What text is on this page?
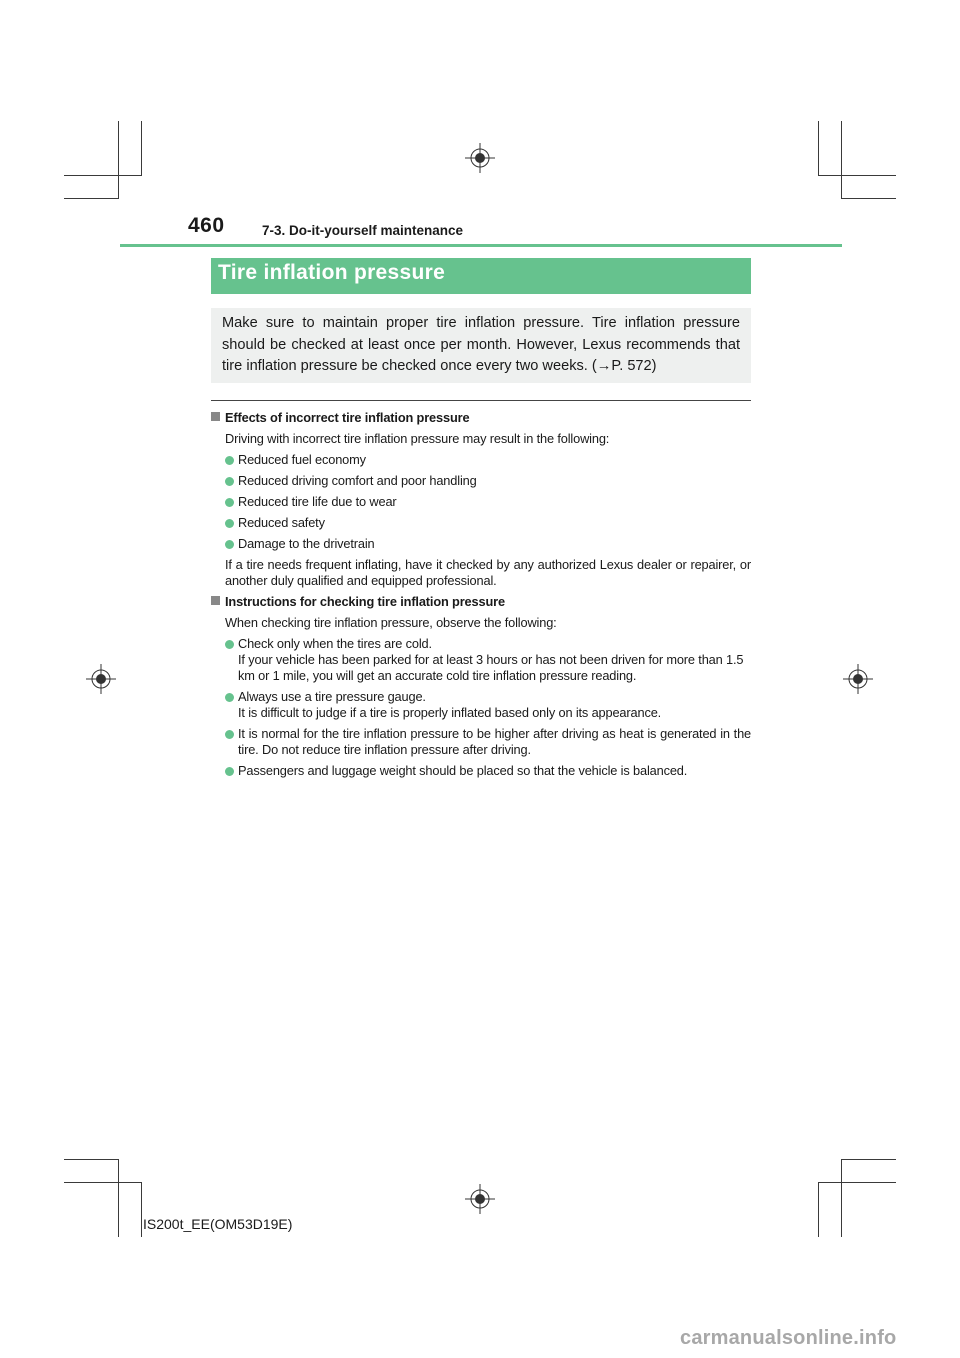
460	7-3. Do-it-yourself maintenance
Tire inflation pressure

Make sure to maintain proper tire inflation pressure. Tire inflation pressure should be checked at least once per month. However, Lexus recommends that tire inflation pressure be checked once every two weeks. (→P. 572)

Effects of incorrect tire inflation pressure

Driving with incorrect tire inflation pressure may result in the following:

Reduced fuel economy
Reduced driving comfort and poor handling
Reduced tire life due to wear
Reduced safety
Damage to the drivetrain

If a tire needs frequent inflating, have it checked by any authorized Lexus dealer or repairer, or another duly qualified and equipped professional.

Instructions for checking tire inflation pressure

When checking tire inflation pressure, observe the following:

Check only when the tires are cold.
If your vehicle has been parked for at least 3 hours or has not been driven for more than 1.5 km or 1 mile, you will get an accurate cold tire inflation pressure reading.
Always use a tire pressure gauge.
It is difficult to judge if a tire is properly inflated based only on its appearance.
It is normal for the tire inflation pressure to be higher after driving as heat is generated in the tire. Do not reduce tire inflation pressure after driving.
Passengers and luggage weight should be placed so that the vehicle is balanced.
IS200t_EE(OM53D19E)
carmanualsonline.info
